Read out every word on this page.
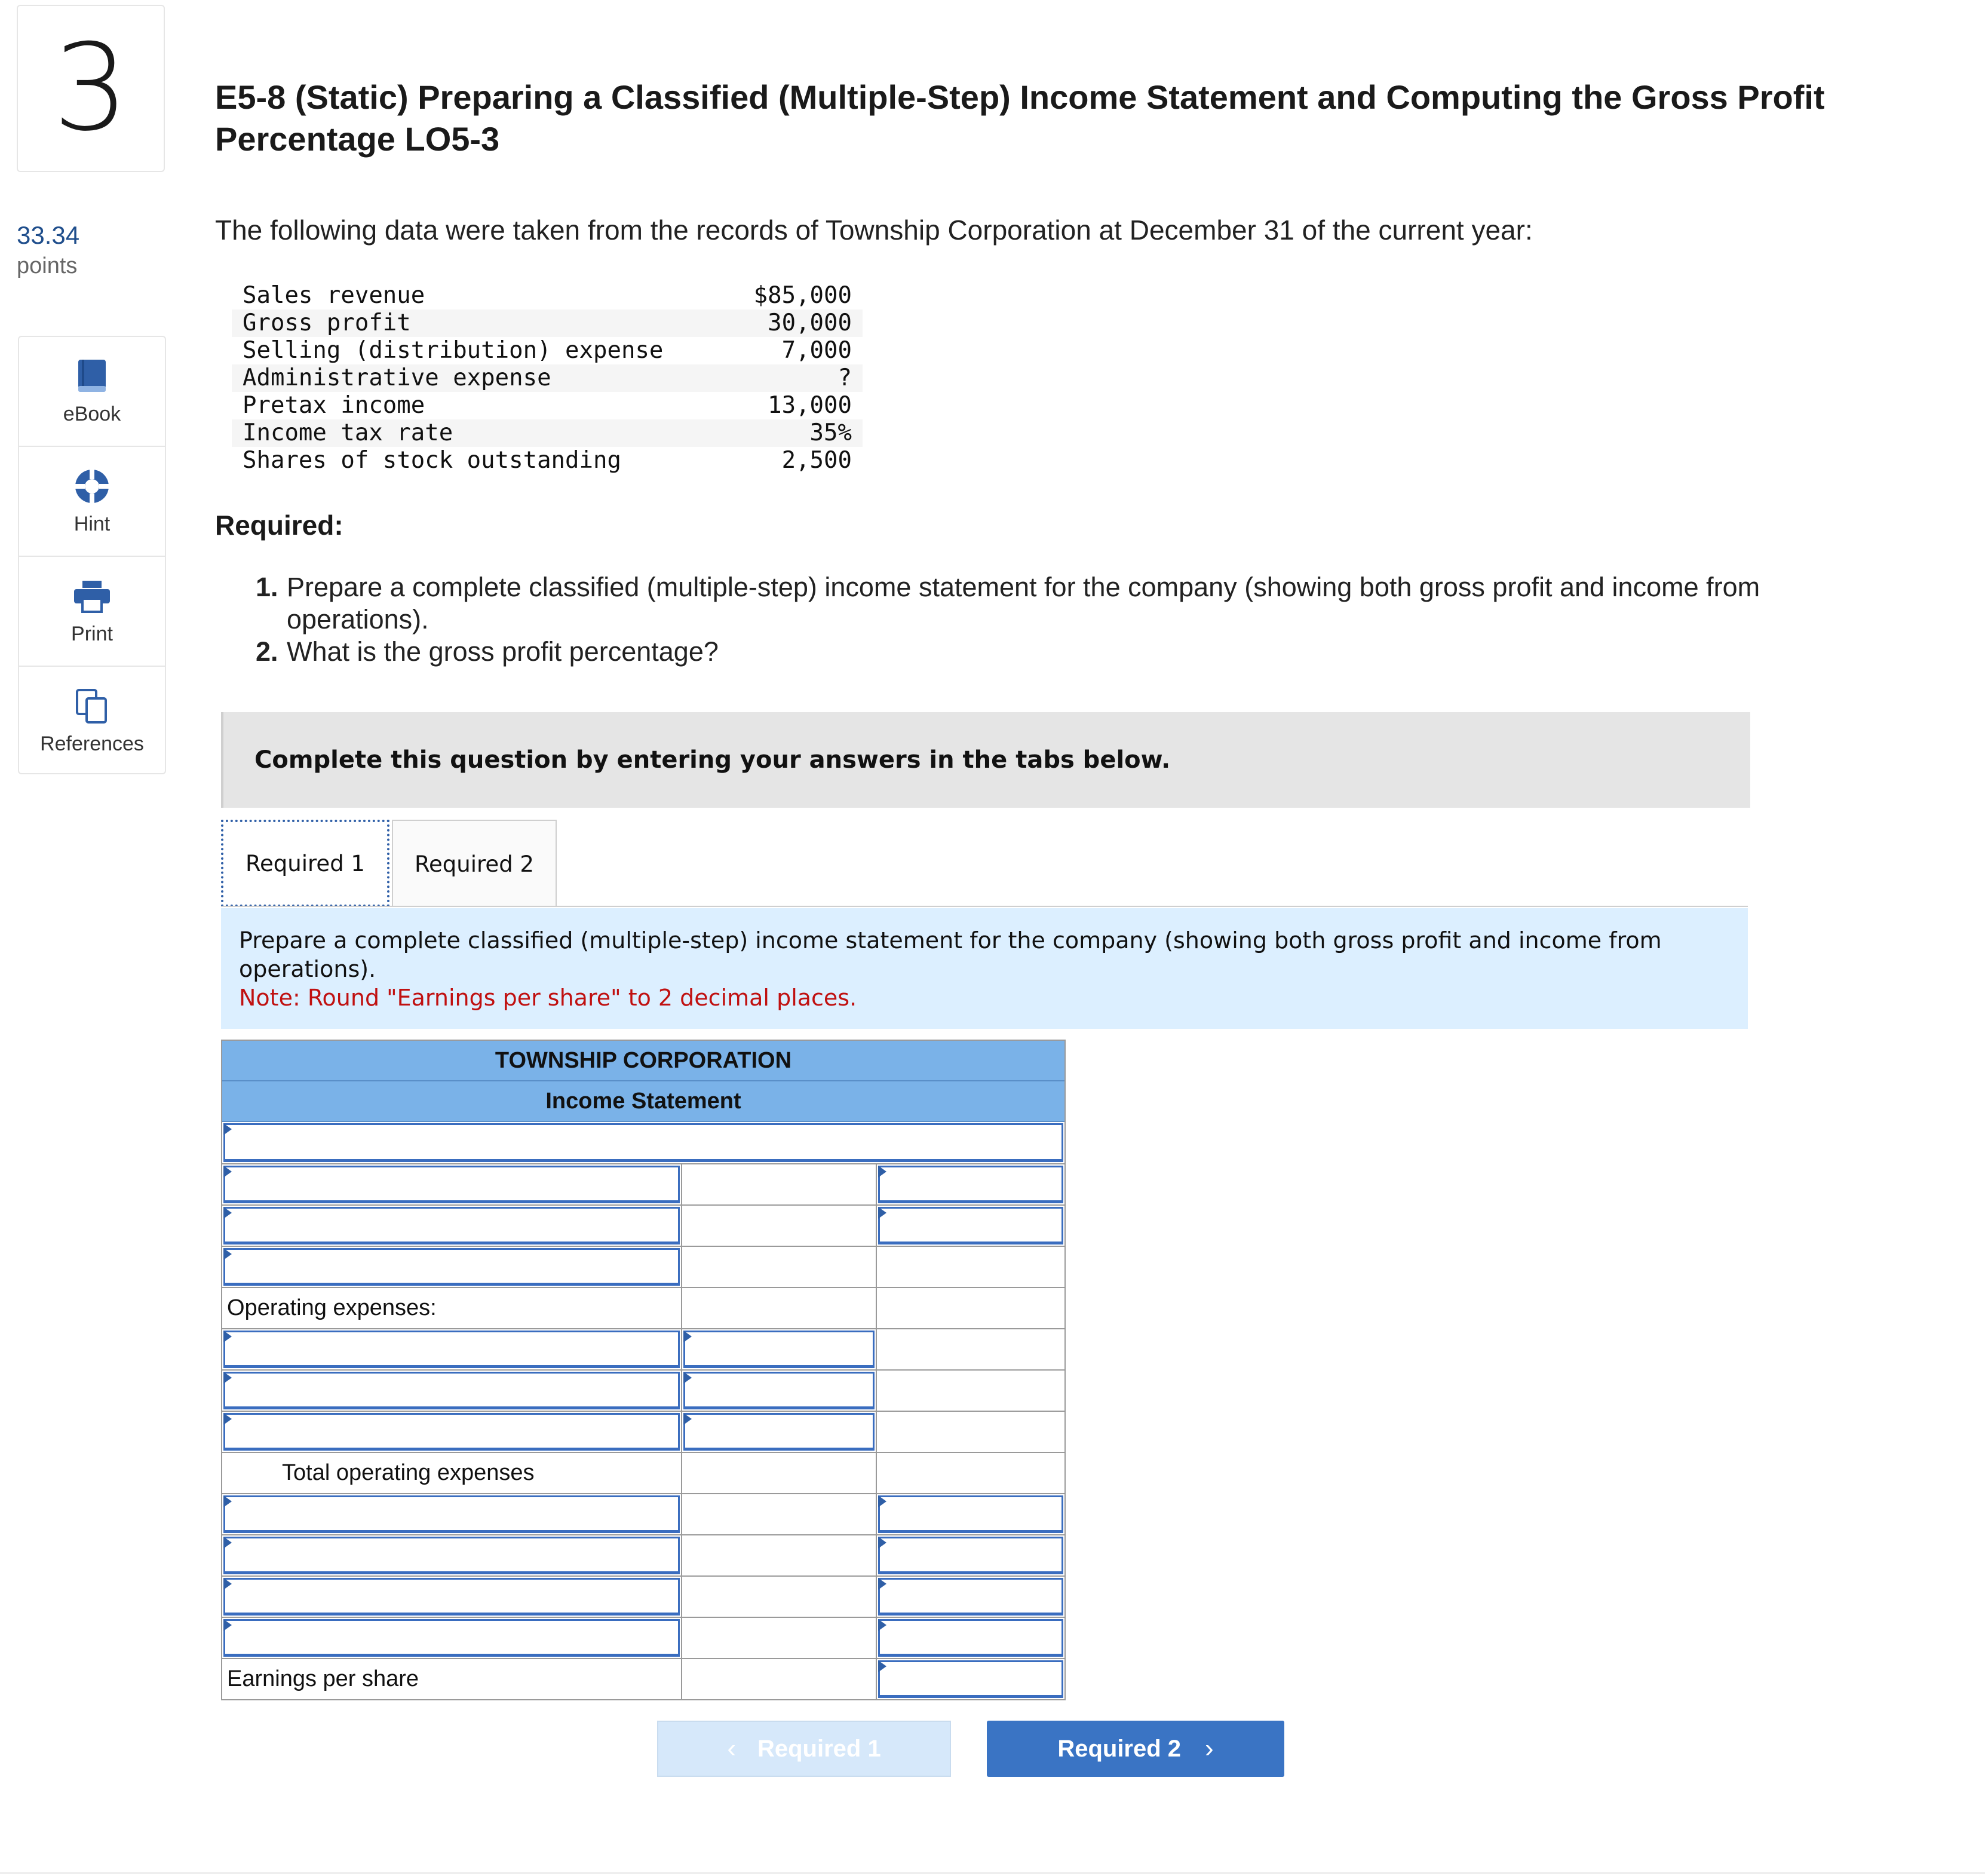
3
33.34
points
eBook
Hint
Print
References
E5-8 (Static) Preparing a Classified (Multiple-Step) Income Statement and Computing the Gross Profit Percentage LO5-3
The following data were taken from the records of Township Corporation at December 31 of the current year:
Sales revenue	$85,000
Gross profit	30,000
Selling (distribution) expense	7,000
Administrative expense	?
Pretax income	13,000
Income tax rate	35%
Shares of stock outstanding	2,500
Required:
1. Prepare a complete classified (multiple-step) income statement for the company (showing both gross profit and income from operations).
2. What is the gross profit percentage?
Complete this question by entering your answers in the tabs below.
Required 1	Required 2
Prepare a complete classified (multiple-step) income statement for the company (showing both gross profit and income from operations).
Note: Round "Earnings per share" to 2 decimal places.
TOWNSHIP CORPORATION
Income Statement
Operating expenses:
Total operating expenses
Earnings per share
‹ Required 1	Required 2 ›
